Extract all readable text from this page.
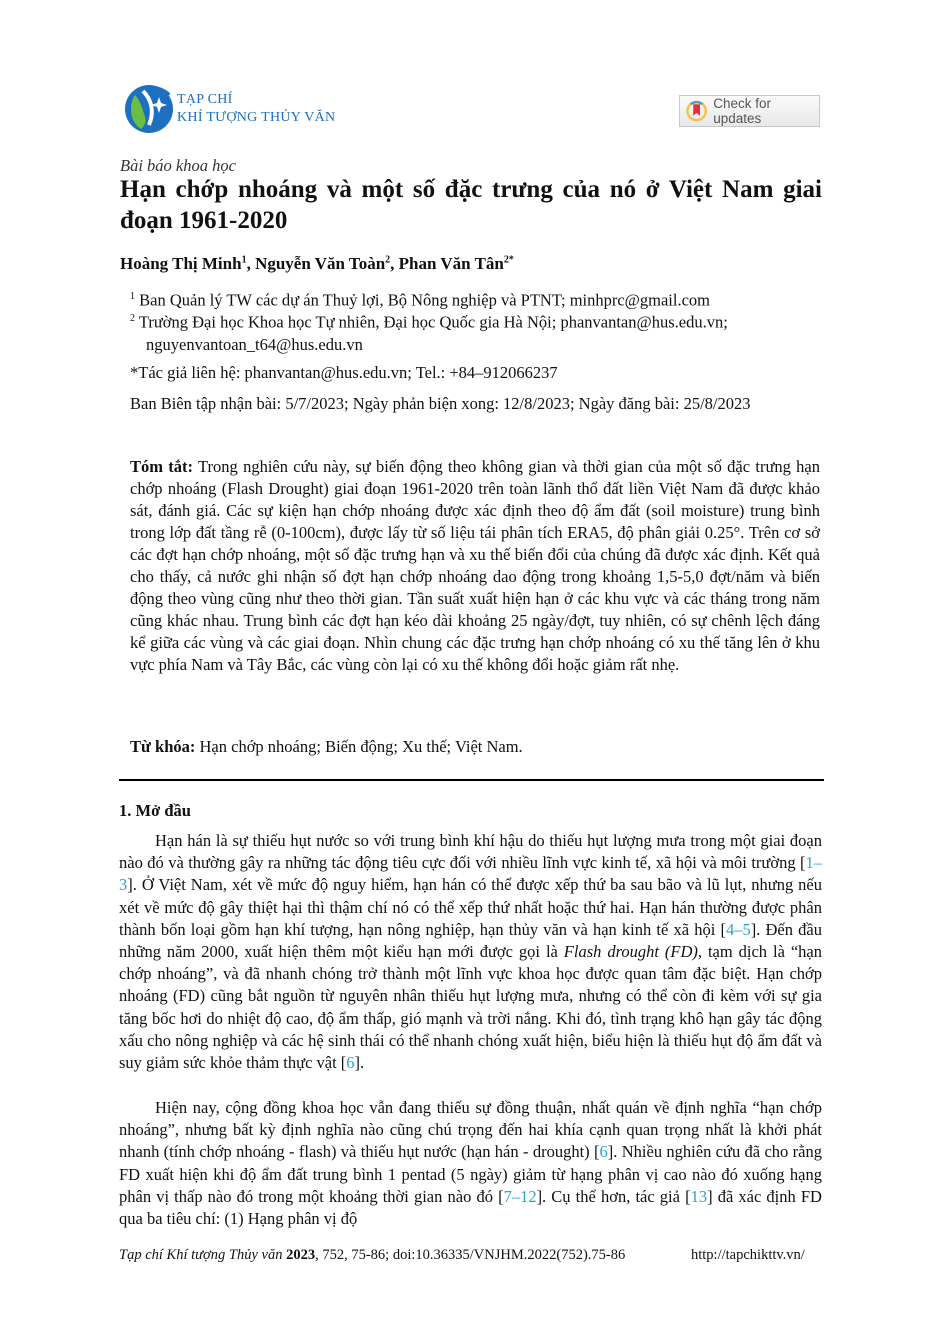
TẠP CHÍ
KHÍ TƯỢNG THỦY VĂN
Check for updates
Bài báo khoa học
Hạn chớp nhoáng và một số đặc trưng của nó ở Việt Nam giai đoạn 1961-2020
Hoàng Thị Minh$^1$, Nguyễn Văn Toàn$^2$, Phan Văn Tân$^{2*}$
$^1$ Ban Quản lý TW các dự án Thuỷ lợi, Bộ Nông nghiệp và PTNT; minhprc@gmail.com
$^2$ Trường Đại học Khoa học Tự nhiên, Đại học Quốc gia Hà Nội; phanvantan@hus.edu.vn;
nguyenvantoan_t64@hus.edu.vn
*Tác giả liên hệ: phanvantan@hus.edu.vn; Tel.: +84–912066237
Ban Biên tập nhận bài: 5/7/2023; Ngày phản biện xong: 12/8/2023; Ngày đăng bài: 25/8/2023
Tóm tắt: Trong nghiên cứu này, sự biến động theo không gian và thời gian của một số đặc trưng hạn chớp nhoáng (Flash Drought) giai đoạn 1961-2020 trên toàn lãnh thổ đất liền Việt Nam đã được khảo sát, đánh giá. Các sự kiện hạn chớp nhoáng được xác định theo độ ẩm đất (soil moisture) trung bình trong lớp đất tầng rễ (0-100cm), được lấy từ số liệu tái phân tích ERA5, độ phân giải 0.25°. Trên cơ sở các đợt hạn chớp nhoáng, một số đặc trưng hạn và xu thế biến đổi của chúng đã được xác định. Kết quả cho thấy, cả nước ghi nhận số đợt hạn chớp nhoáng dao động trong khoảng 1,5-5,0 đợt/năm và biến động theo vùng cũng như theo thời gian. Tần suất xuất hiện hạn ở các khu vực và các tháng trong năm cũng khác nhau. Trung bình các đợt hạn kéo dài khoảng 25 ngày/đợt, tuy nhiên, có sự chênh lệch đáng kể giữa các vùng và các giai đoạn. Nhìn chung các đặc trưng hạn chớp nhoáng có xu thế tăng lên ở khu vực phía Nam và Tây Bắc, các vùng còn lại có xu thế không đổi hoặc giảm rất nhẹ.
Từ khóa: Hạn chớp nhoáng; Biến động; Xu thế; Việt Nam.
1. Mở đầu

Hạn hán là sự thiếu hụt nước so với trung bình khí hậu do thiếu hụt lượng mưa trong một giai đoạn nào đó và thường gây ra những tác động tiêu cực đối với nhiều lĩnh vực kinh tế, xã hội và môi trường [1–3]. Ở Việt Nam, xét về mức độ nguy hiểm, hạn hán có thể được xếp thứ ba sau bão và lũ lụt, nhưng nếu xét về mức độ gây thiệt hại thì thậm chí nó có thể xếp thứ nhất hoặc thứ hai. Hạn hán thường được phân thành bốn loại gồm hạn khí tượng, hạn nông nghiệp, hạn thủy văn và hạn kinh tế xã hội [4–5]. Đến đầu những năm 2000, xuất hiện thêm một kiểu hạn mới được gọi là Flash drought (FD), tạm dịch là “hạn chớp nhoáng”, và đã nhanh chóng trở thành một lĩnh vực khoa học được quan tâm đặc biệt. Hạn chớp nhoáng (FD) cũng bắt nguồn từ nguyên nhân thiếu hụt lượng mưa, nhưng có thể còn đi kèm với sự gia tăng bốc hơi do nhiệt độ cao, độ ẩm thấp, gió mạnh và trời nắng. Khi đó, tình trạng khô hạn gây tác động xấu cho nông nghiệp và các hệ sinh thái có thể nhanh chóng xuất hiện, biểu hiện là thiếu hụt độ ẩm đất và suy giảm sức khỏe thảm thực vật [6].

Hiện nay, cộng đồng khoa học vẫn đang thiếu sự đồng thuận, nhất quán về định nghĩa “hạn chớp nhoáng”, nhưng bất kỳ định nghĩa nào cũng chú trọng đến hai khía cạnh quan trọng nhất là khởi phát nhanh (tính chớp nhoáng - flash) và thiếu hụt nước (hạn hán - drought) [6]. Nhiều nghiên cứu đã cho rằng FD xuất hiện khi độ ẩm đất trung bình 1 pentad (5 ngày) giảm từ hạng phân vị cao nào đó xuống hạng phân vị thấp nào đó trong một khoảng thời gian nào đó [7–12]. Cụ thể hơn, tác giả [13] đã xác định FD qua ba tiêu chí: (1) Hạng phân vị độ

Tạp chí Khí tượng Thủy văn 2023, 752, 75-86; doi:10.36335/VNJHM.2022(752).75-86	http://tapchikttv.vn/
